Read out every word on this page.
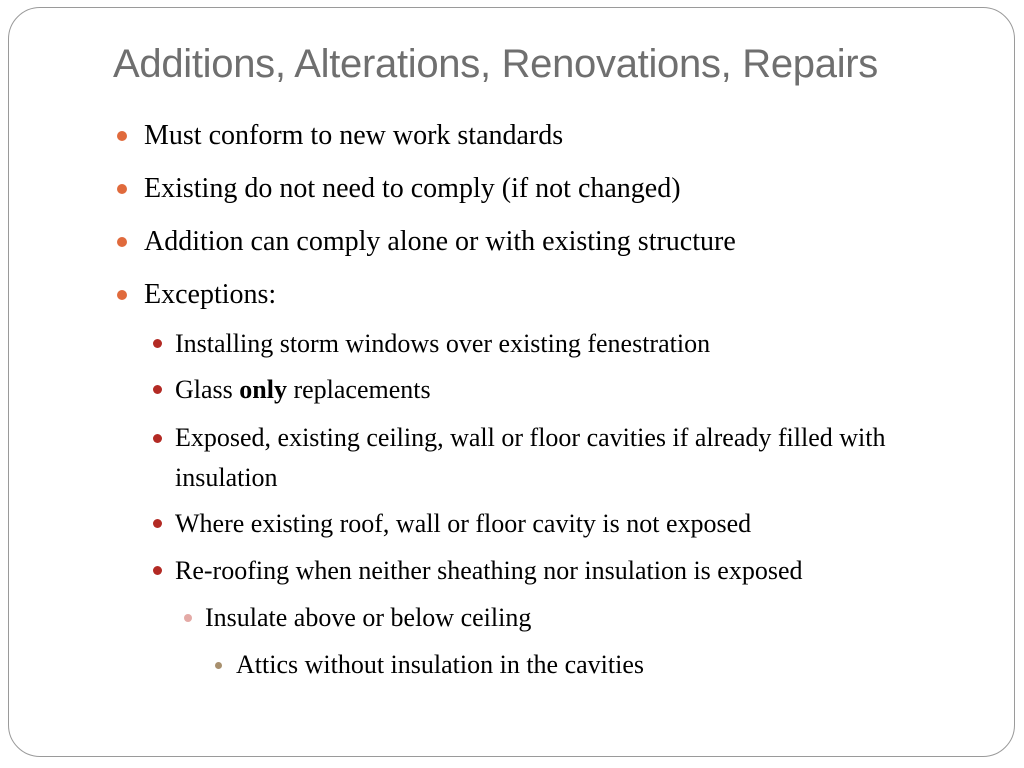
Additions, Alterations, Renovations, Repairs
Must conform to new work standards
Existing do not need to comply (if not changed)
Addition can comply alone or with existing structure
Exceptions:
Installing storm windows over existing fenestration
Glass only replacements
Exposed, existing ceiling, wall or floor cavities if already filled with insulation
Where existing roof, wall or floor cavity is not exposed
Re-roofing when neither sheathing nor insulation is exposed
Insulate above or below ceiling
Attics without insulation in the cavities
